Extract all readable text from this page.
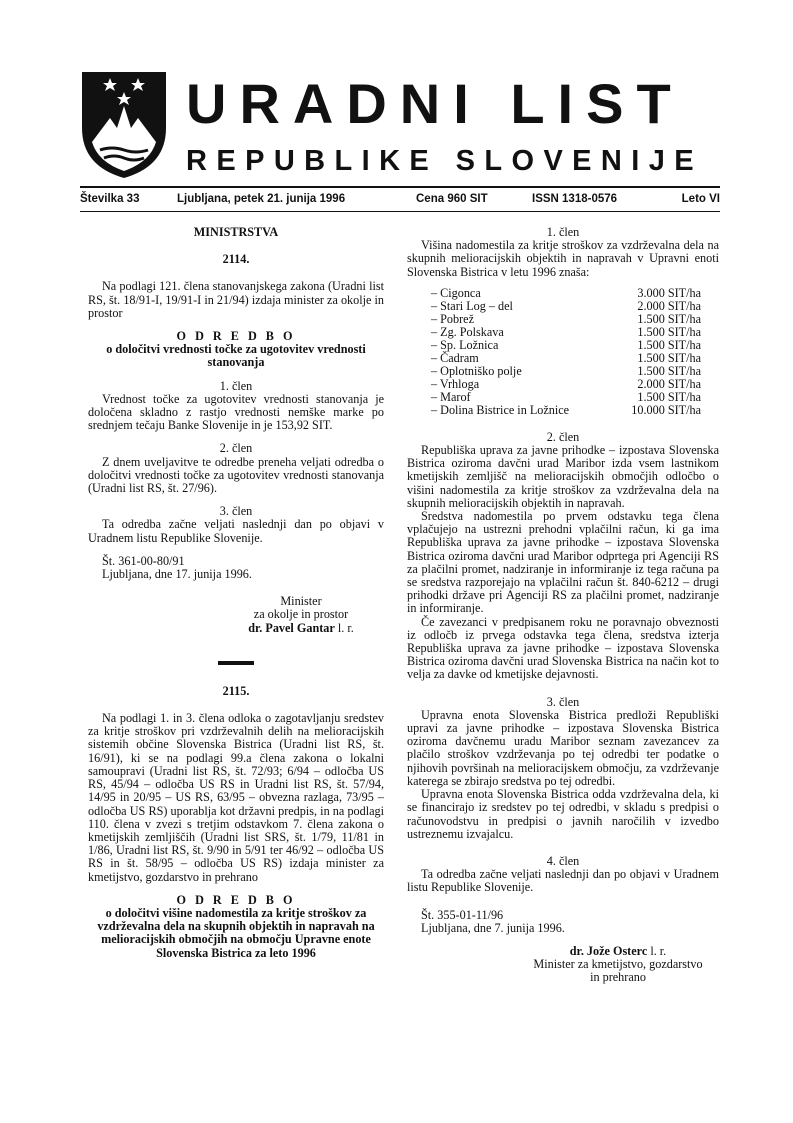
URADNI LIST
REPUBLIKE SLOVENIJE
Številka 33	Ljubljana, petek 21. junija 1996	Cena 960 SIT	ISSN 1318-0576	Leto VI
MINISTRSTVA
2114.

Na podlagi 121. člena stanovanjskega zakona (Uradni list RS, št. 18/91-I, 19/91-I in 21/94) izdaja minister za okolje in prostor

O D R E D B O
o določitvi vrednosti točke za ugotovitev vrednosti stanovanja
1. člen

Vrednost točke za ugotovitev vrednosti stanovanja je določena skladno z rastjo vrednosti nemške marke po srednjem tečaju Banke Slovenije in je 153,92 SIT.

2. člen

Z dnem uveljavitve te odredbe preneha veljati odredba o določitvi vrednosti točke za ugotovitev vrednosti stanovanja (Uradni list RS, št. 27/96).

3. člen

Ta odredba začne veljati naslednji dan po objavi v Uradnem listu Republike Slovenije.

Št. 361-00-80/91
Ljubljana, dne 17. junija 1996.
Minister
za okolje in prostor
dr. Pavel Gantar l. r.
2115.

Na podlagi 1. in 3. člena odloka o zagotavljanju sredstev za kritje stroškov pri vzdrževalnih delih na melioracijskih sistemih občine Slovenska Bistrica (Uradni list RS, št. 16/91), ki se na podlagi 99.a člena zakona o lokalni samoupravi (Uradni list RS, št. 72/93; 6/94 – odločba US RS, 45/94 – odločba US RS in Uradni list RS, št. 57/94, 14/95 in 20/95 – US RS, 63/95 – obvezna razlaga, 73/95 – odločba US RS) uporablja kot državni predpis, in na podlagi 110. člena v zvezi s tretjim odstavkom 7. člena zakona o kmetijskih zemljiščih (Uradni list SRS, št. 1/79, 11/81 in 1/86, Uradni list RS, št. 9/90 in 5/91 ter 46/92 – odločba US RS in št. 58/95 – odločba US RS) izdaja minister za kmetijstvo, gozdarstvo in prehrano

O D R E D B O
o določitvi višine nadomestila za kritje stroškov za vzdrževalna dela na skupnih objektih in napravah na melioracijskih območjih na območju Upravne enote Slovenska Bistrica za leto 1996
1. člen

Višina nadomestila za kritje stroškov za vzdrževalna dela na skupnih melioracijskih objektih in napravah v Upravni enoti Slovenska Bistrica v letu 1996 znaša:

– Cigonca	3.000 SIT/ha
– Stari Log – del	2.000 SIT/ha
– Pobrež	1.500 SIT/ha
– Zg. Polskava	1.500 SIT/ha
– Sp. Ložnica	1.500 SIT/ha
– Čadram	1.500 SIT/ha
– Oplotniško polje	1.500 SIT/ha
– Vrhloga	2.000 SIT/ha
– Marof	1.500 SIT/ha
– Dolina Bistrice in Ložnice	10.000 SIT/ha
2. člen

Republiška uprava za javne prihodke – izpostava Slovenska Bistrica oziroma davčni urad Maribor izda vsem lastnikom kmetijskih zemljišč na melioracijskih območjih odločbo o višini nadomestila za kritje stroškov za vzdrževalna dela na skupnih melioracijskih objektih in napravah.

Sredstva nadomestila po prvem odstavku tega člena vplačujejo na ustrezni prehodni vplačilni račun, ki ga ima Republiška uprava za javne prihodke – izpostava Slovenska Bistrica oziroma davčni urad Maribor odprtega pri Agenciji RS za plačilni promet, nadziranje in informiranje iz tega računa pa se sredstva razporejajo na vplačilni račun št. 840-6212 – drugi prihodki države pri Agenciji RS za plačilni promet, nadziranje in informiranje.

Če zavezanci v predpisanem roku ne poravnajo obveznosti iz odločb iz prvega odstavka tega člena, sredstva izterja Republiška uprava za javne prihodke – izpostava Slovenska Bistrica oziroma davčni urad Slovenska Bistrica na način kot to velja za davke od kmetijske dejavnosti.

3. člen

Upravna enota Slovenska Bistrica predloži Republiški upravi za javne prihodke – izpostava Slovenska Bistrica oziroma davčnemu uradu Maribor seznam zavezancev za plačilo stroškov vzdrževanja po tej odredbi ter podatke o njihovih površinah na melioracijskem območju, za vzdrževanje katerega se zbirajo sredstva po tej odredbi.

Upravna enota Slovenska Bistrica odda vzdrževalna dela, ki se financirajo iz sredstev po tej odredbi, v skladu s predpisi o računovodstvu in predpisi o javnih naročilih v izvedbo ustreznemu izvajalcu.

4. člen

Ta odredba začne veljati naslednji dan po objavi v Uradnem listu Republike Slovenije.

Št. 355-01-11/96
Ljubljana, dne 7. junija 1996.
dr. Jože Osterc l. r.
Minister za kmetijstvo, gozdarstvo
in prehrano
